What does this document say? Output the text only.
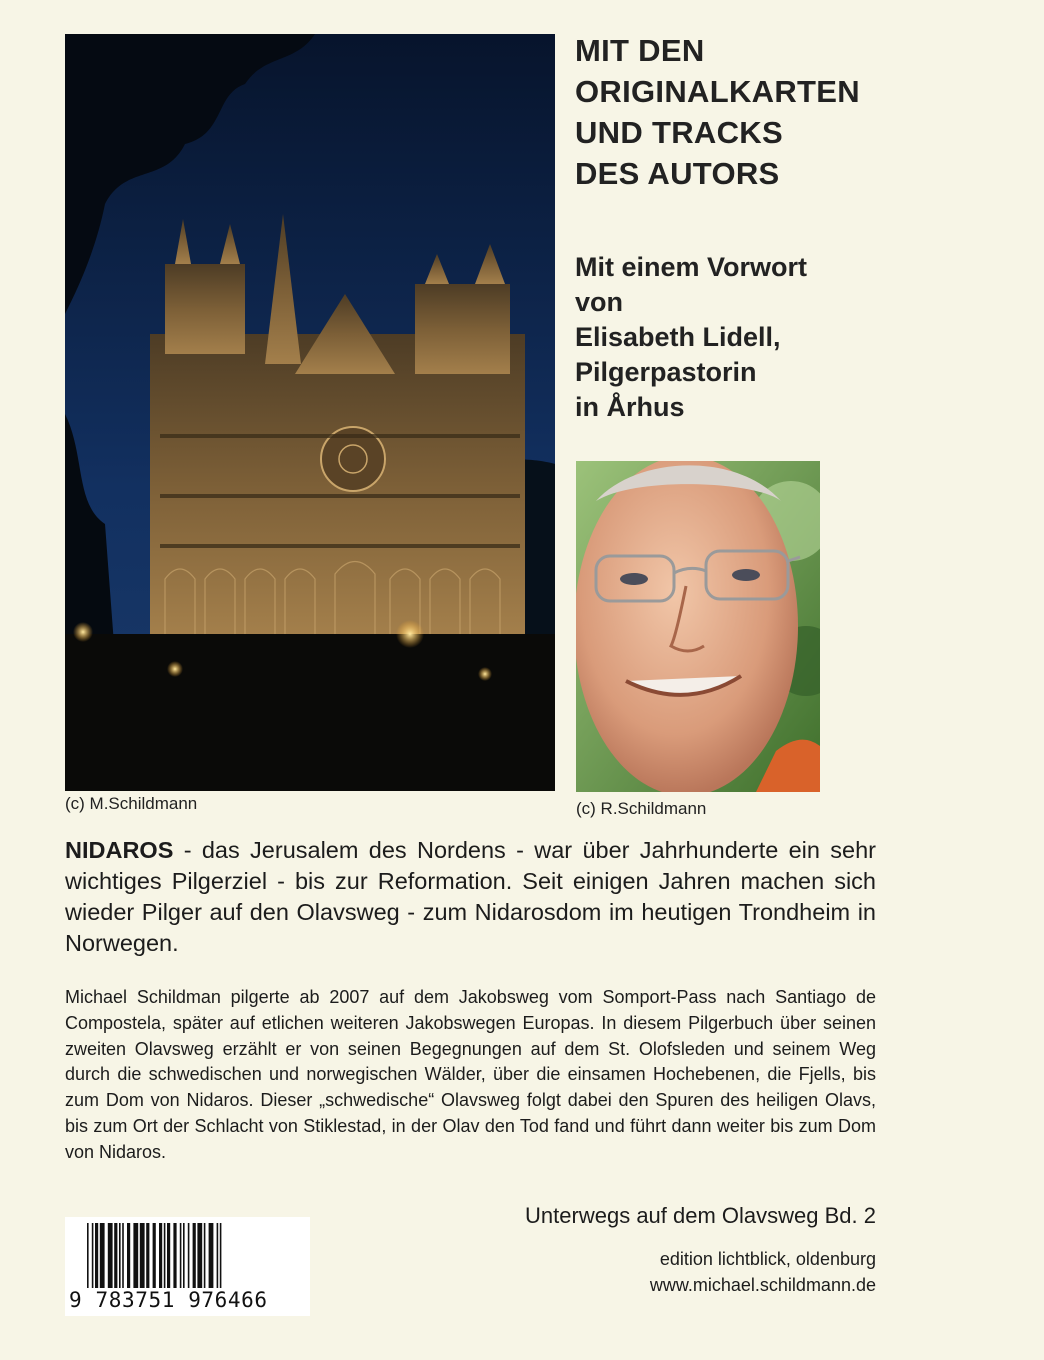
(c) M.Schildmann
MIT DEN
ORIGINALKARTEN
UND TRACKS
DES AUTORS
Mit einem Vorwort
von
Elisabeth Lidell,
Pilgerpastorin
in Århus
(c) R.Schildmann
NIDAROS - das Jerusalem des Nordens - war über Jahrhunderte ein sehr wichtiges Pilgerziel - bis zur Reformation. Seit einigen Jahren machen sich wieder Pilger auf den Olavsweg - zum Nidarosdom im heutigen Trondheim in Norwegen.
Michael Schildman pilgerte ab 2007 auf dem Jakobsweg vom Somport-Pass nach Santiago de Compostela, später auf etlichen weiteren Jakobswegen Europas. In diesem Pilgerbuch über seinen zweiten Olavsweg erzählt er von seinen Begegnungen auf dem St. Olofsleden und seinem Weg durch die schwedischen und norwegischen Wälder, über die einsamen Hochebenen, die Fjells, bis zum Dom von Nidaros. Dieser „schwedische“ Olavsweg folgt dabei den Spuren des heiligen Olavs, bis zum Ort der Schlacht von Stiklestad, in der Olav den Tod fand und führt dann weiter bis zum Dom von Nidaros.
Unterwegs auf dem Olavsweg Bd. 2
edition lichtblick, oldenburg
www.michael.schildmann.de
9 783751 976466
